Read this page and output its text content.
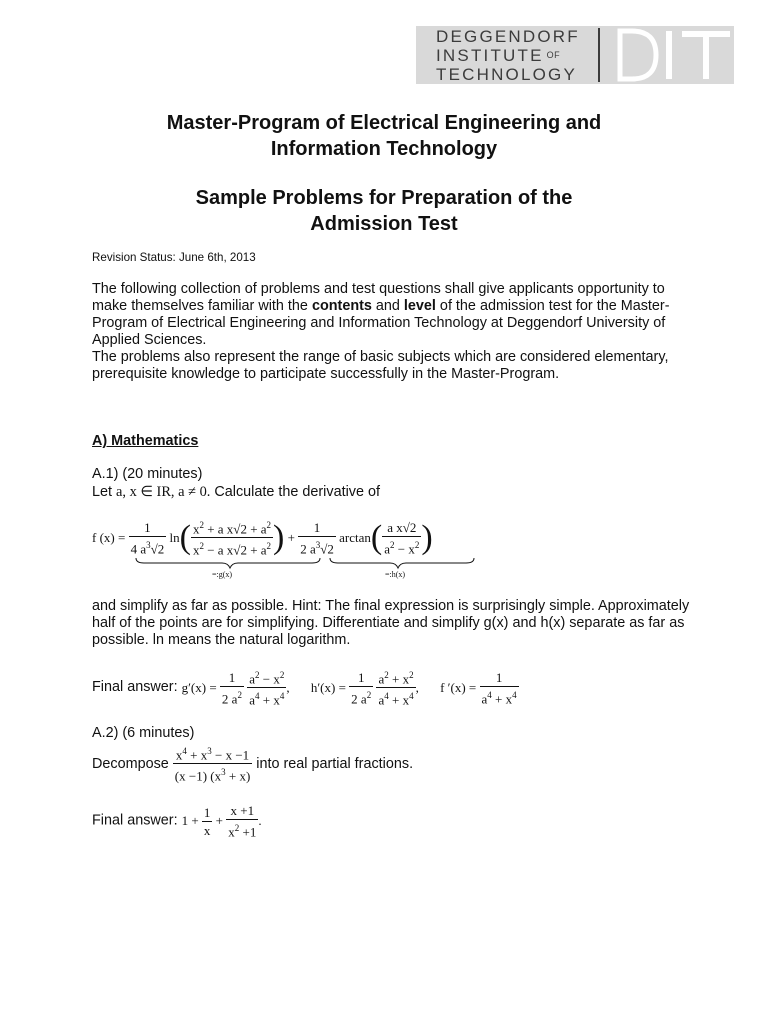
DEGGENDORF
INSTITUTE $^{OF}$
TECHNOLOGY
Master-Program of Electrical Engineering and
Information Technology
Sample Problems for Preparation of the
Admission Test
Revision Status: June 6th, 2013
The following collection of problems and test questions shall give applicants opportunity to make themselves familiar with the contents and level of the admission test for the Master-Program of Electrical Engineering and Information Technology at Deggendorf University of Applied Sciences.
The problems also represent the range of basic subjects which are considered elementary, prerequisite knowledge to participate successfully in the Master-Program.
A) Mathematics
A.1) (20 minutes)
Let a, x ∈ IR, a ≠ 0. Calculate the derivative of
f $(x) = \frac{1}{4 a^3√2} \ln( \frac{x^2 + a x√2 + a^2}{x^2 - a x√2 + a^2}$ ) + $\frac{1}{2 a^3√2} \arctan( \frac{\text{a x√2}}{a^2 - x^2}$ )
=:g(x)	=:h(x)
and simplify as far as possible. Hint: The final expression is surprisingly simple. Approximately half of the points are for simplifying. Differentiate and simplify g(x) and h(x) separate as far as possible. ln means the natural logarithm.
Final answer: $g'(x) = \frac{1}{2 a^2}$
$\frac{a^2 - x^2}{a^4 + x^4}$ , $h'(x) = \frac{1}{2 a^2}$
$\frac{a^2 + x^2}{a^4 + x^4}$ , f $'(x) = \frac{1}{a^4 + x^4}$
A.2) (6 minutes)
Decompose $\frac{x^4 + x^3 - x -1}{(x -1) (x^3 + x)}$ into real partial fractions.
Final answer: $1 + \frac{1}{x} + \frac{x +1}{x^2 +1}$ .
